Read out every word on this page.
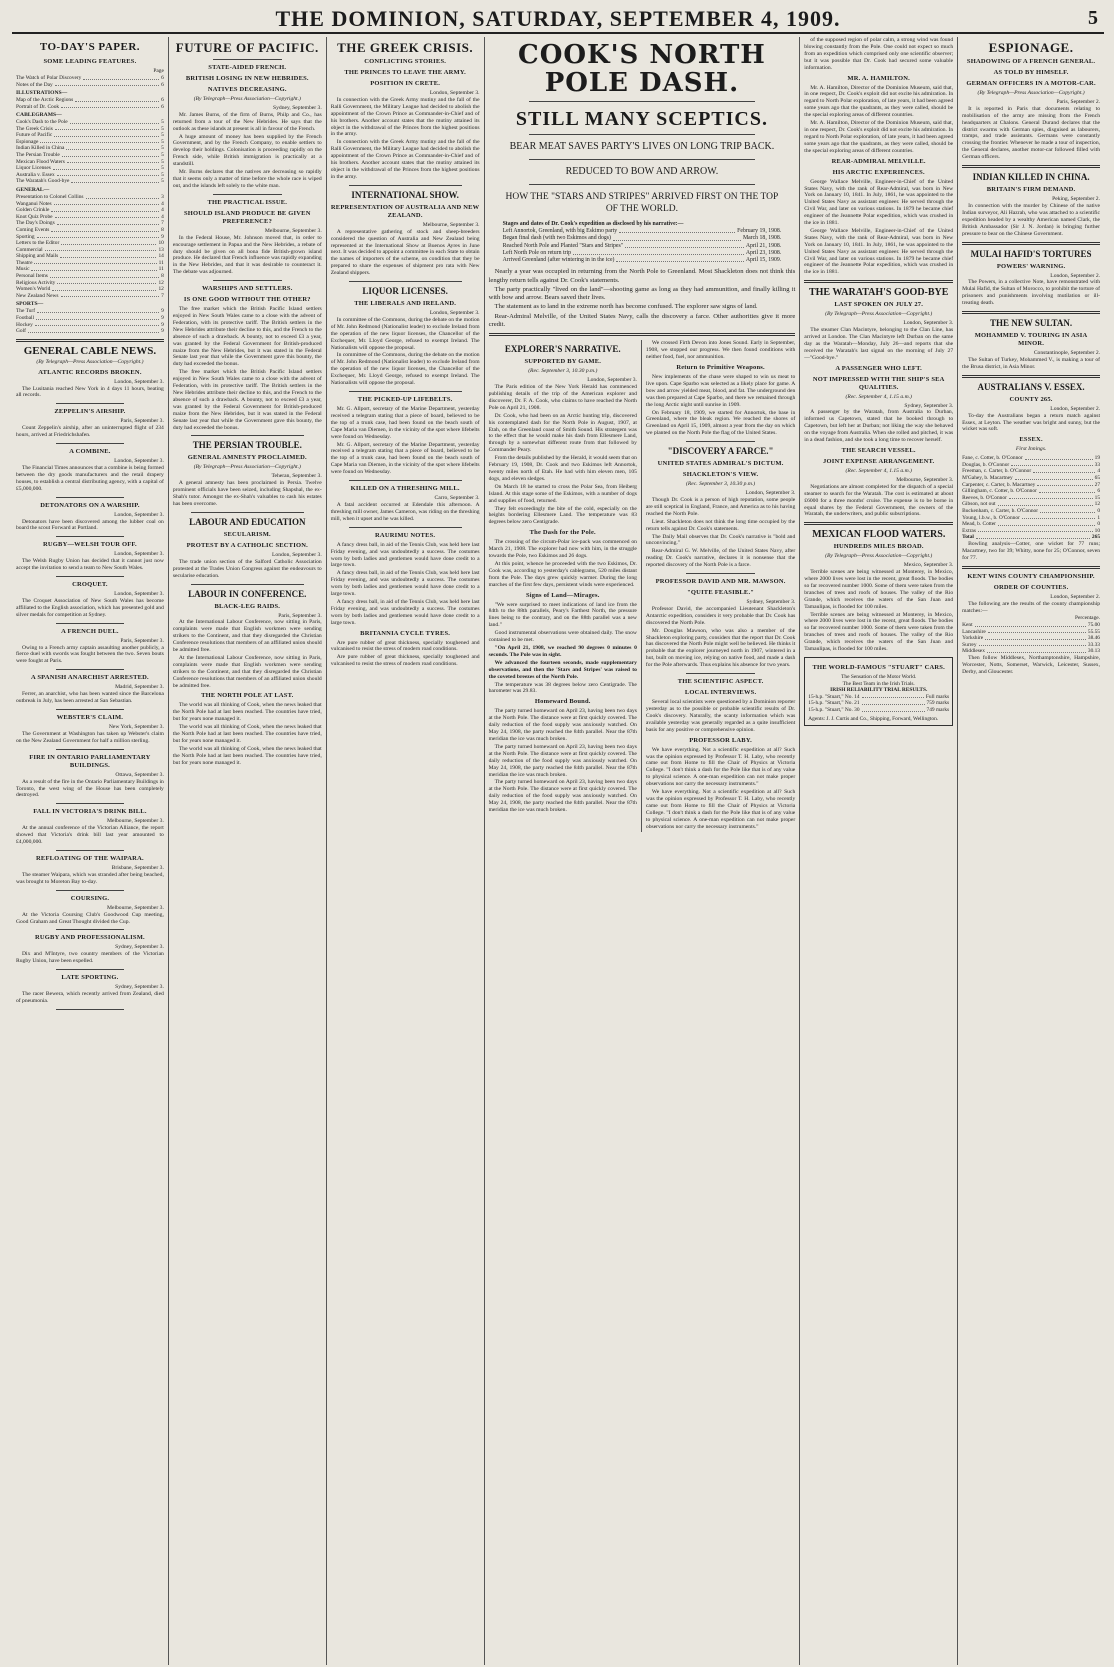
THE DOMINION, SATURDAY, SEPTEMBER 4, 1909.	5
TO-DAY'S PAPER.
SOME LEADING FEATURES.
Page
The Watch of Polar Discovery	6
Notes of the Day	6
ILLUSTRATIONS—
Map of the Arctic Regions	6
Portrait of Dr. Cook	6
CABLEGRAMS—
Cook's Dash to the Pole	5
The Greek Crisis	5
Future of Pacific	5
Espionage	5
Indian Killed in China	5
The Persian Trouble	5
Mexican Flood Waters	5
Liquor Licenses	5
Australia v. Essex	5
The Waratah's Good-bye	5
GENERAL—
Presentation to Colonel Collins	3
Wanganui Notes	4
Golden Crinkle	4
Knot Quiz Probe	4
The Day's Doings	7
Coming Events	8
Sporting	9
Letters to the Editor	10
Commercial	13
Shipping and Mails	14
Theatre	11
Music	11
Personal Items	8
Religious Activity	12
Women's World	12
New Zealand News	7
SPORTS—
The Turf	9
Football	9
Hockey	9
Golf	9
GENERAL CABLE NEWS.
(By Telegraph—Press Association—Copyright.)
ATLANTIC RECORDS BROKEN.
London, September 3.

The Lusitania reached New York in 4 days 11 hours, beating all records.

ZEPPELIN'S AIRSHIP.
Paris, September 3.

Count Zeppelin's airship, after an uninterrupted flight of 234 hours, arrived at Friedrichshafen.

A COMBINE.
London, September 3.

The Financial Times announces that a combine is being formed between the dry goods manufacturers and the retail drapery houses, to establish a central distributing agency, with a capital of £5,000,000.

DETONATORS ON A WARSHIP.
London, September 3.

Detonators have been discovered among the lubber coal on board the scout Forward at Portland.

RUGBY—WELSH TOUR OFF.
London, September 3.

The Welsh Rugby Union has decided that it cannot just now accept the invitation to send a team to New South Wales.

CROQUET.
London, September 3.

The Croquet Association of New South Wales has become affiliated to the English association, which has presented gold and silver medals for competition at Sydney.

A FRENCH DUEL.
Paris, September 3.

Owing to a French army captain assaulting another publicly, a fierce duel with swords was fought between the two. Seven bouts were fought at Paris.

A SPANISH ANARCHIST ARRESTED.
Madrid, September 3.

Ferrer, an anarchist, who has been wanted since the Barcelona outbreak in July, has been arrested at San Sebastian.

WEBSTER'S CLAIM.
New York, September 3.

The Government at Washington has taken up Webster's claim on the New Zealand Government for half a million sterling.

FIRE IN ONTARIO PARLIAMENTARY BUILDINGS.
Ottawa, September 3.

As a result of the fire in the Ontario Parliamentary Buildings in Toronto, the west wing of the House has been completely destroyed.

FALL IN VICTORIA'S DRINK BILL.
Melbourne, September 3.

At the annual conference of the Victorian Alliance, the report showed that Victoria's drink bill last year amounted to £4,000,000.

REFLOATING OF THE WAIPARA.
Brisbane, September 3.

The steamer Waipara, which was stranded after being beached, was brought to Moreton Bay to-day.

COURSING.
Melbourne, September 3.

At the Victoria Coursing Club's Goodwood Cup meeting, Good Graham and Great Thought divided the Cup.

RUGBY AND PROFESSIONALISM.
Sydney, September 3.

Dix and M'Intyre, two country members of the Victorian Rugby Union, have been expelled.

LATE SPORTING.
Sydney, September 3.

The racer Bewera, which recently arrived from Zealand, died of pneumonia.

FUTURE OF PACIFIC.
STATE-AIDED FRENCH.
BRITISH LOSING IN NEW HEBRIDES.
NATIVES DECREASING.
(By Telegraph—Press Association—Copyright.)
Sydney, September 3.

Mr. James Burns, of the firm of Burns, Philp and Co., has returned from a tour of the New Hebrides. He says that the outlook as these islands at present is all in favour of the French.

A huge amount of money has been supplied by the French Government, and by the French Company, to enable settlers to develop their holdings. Colonisation is proceeding rapidly on the French side, while British immigration is practically at a standstill.

Mr. Burns declares that the natives are decreasing so rapidly that it seems only a matter of time before the whole race is wiped out, and the islands left solely to the white man.

THE PRACTICAL ISSUE.
SHOULD ISLAND PRODUCE BE GIVEN PREFERENCE?
Melbourne, September 3.

In the Federal House, Mr. Johnson moved that, in order to encourage settlement in Papua and the New Hebrides, a rebate of duty should be given on all bona fide British-grown island produce. He declared that French influence was rapidly expanding in the New Hebrides, and that it was desirable to counteract it. The debate was adjourned.

WARSHIPS AND SETTLERS.
IS ONE GOOD WITHOUT THE OTHER?

The free market which the British Pacific Island settlers enjoyed in New South Wales came to a close with the advent of Federation, with its protective tariff. The British settlers in the New Hebrides attribute their decline to this, and the French to the absence of such a drawback. A bounty, not to exceed £3 a year, was granted by the Federal Government for British-produced maize from the New Hebrides, but it was stated in the Federal Senate last year that while the Government gave this bounty, the duty had exceeded the bonus.

The free market which the British Pacific Island settlers enjoyed in New South Wales came to a close with the advent of Federation, with its protective tariff. The British settlers in the New Hebrides attribute their decline to this, and the French to the absence of such a drawback. A bounty, not to exceed £3 a year, was granted by the Federal Government for British-produced maize from the New Hebrides, but it was stated in the Federal Senate last year that while the Government gave this bounty, the duty had exceeded the bonus.

THE PERSIAN TROUBLE.
GENERAL AMNESTY PROCLAIMED.
(By Telegraph—Press Association—Copyright.)
Teheran, September 3.

A general amnesty has been proclaimed in Persia. Twelve prominent officials have been seized, including Shapshal, the ex-Shah's tutor. Amongst the ex-Shah's valuables to cash his estates has been overcome.

LABOUR AND EDUCATION
SECULARISM.
PROTEST BY A CATHOLIC SECTION.
London, September 3.

The trade union section of the Salford Catholic Association protested at the Trades Union Congress against the endeavours to secularise education.

LABOUR IN CONFERENCE.
BLACK-LEG RAIDS.
Paris, September 3.

At the International Labour Conference, now sitting in Paris, complaints were made that English workmen were sending strikers to the Continent, and that they disregarded the Christian Conference resolutions that members of an affiliated union should be admitted free.

At the International Labour Conference, now sitting in Paris, complaints were made that English workmen were sending strikers to the Continent, and that they disregarded the Christian Conference resolutions that members of an affiliated union should be admitted free.

THE NORTH POLE AT LAST.

The world was all thinking of Cook, when the news leaked that the North Pole had at last been reached. The countries have tried, but for years none managed it.

The world was all thinking of Cook, when the news leaked that the North Pole had at last been reached. The countries have tried, but for years none managed it.

The world was all thinking of Cook, when the news leaked that the North Pole had at last been reached. The countries have tried, but for years none managed it.

THE GREEK CRISIS.
CONFLICTING STORIES.
THE PRINCES TO LEAVE THE ARMY.
POSITION IN CRETE.
London, September 3.

In connection with the Greek Army mutiny and the fall of the Ralli Government, the Military League had decided to abolish the appointment of the Crown Prince as Commander-in-Chief and of his brothers. Another account states that the mutiny attained its object in the withdrawal of the Princes from the highest positions in the army.

In connection with the Greek Army mutiny and the fall of the Ralli Government, the Military League had decided to abolish the appointment of the Crown Prince as Commander-in-Chief and of his brothers. Another account states that the mutiny attained its object in the withdrawal of the Princes from the highest positions in the army.

INTERNATIONAL SHOW.
REPRESENTATION OF AUSTRALIA AND NEW ZEALAND.
Melbourne, September 3.

A representative gathering of stock and sheep-breeders considered the question of Australia and New Zealand being represented at the International Show at Buenos Ayres in June next. It was decided to appoint a committee in each State to obtain the names of importers of the scheme, on condition that they be prepared to share the expenses of shipment pro rata with New Zealand shippers.

LIQUOR LICENSES.
THE LIBERALS AND IRELAND.
London, September 3.

In committee of the Commons, during the debate on the motion of Mr. John Redmond (Nationalist leader) to exclude Ireland from the operation of the new liquor licenses, the Chancellor of the Exchequer, Mr. Lloyd George, refused to exempt Ireland. The Nationalists will oppose the proposal.

In committee of the Commons, during the debate on the motion of Mr. John Redmond (Nationalist leader) to exclude Ireland from the operation of the new liquor licenses, the Chancellor of the Exchequer, Mr. Lloyd George, refused to exempt Ireland. The Nationalists will oppose the proposal.

THE PICKED-UP LIFEBELTS.

Mr. G. Allport, secretary of the Marine Department, yesterday received a telegram stating that a piece of board, believed to be the top of a trunk case, had been found on the beach south of Cape Maria van Diemen, in the vicinity of the spot where lifebelts were found on Wednesday.

Mr. G. Allport, secretary of the Marine Department, yesterday received a telegram stating that a piece of board, believed to be the top of a trunk case, had been found on the beach south of Cape Maria van Diemen, in the vicinity of the spot where lifebelts were found on Wednesday.

KILLED ON A THRESHING MILL.
Carro, September 3.

A fatal accident occurred at Edendale this afternoon. A threshing mill owner, James Cameron, was riding on the threshing mill, when it upset and he was killed.

RAURIMU NOTES.

A fancy dress ball, in aid of the Tennis Club, was held here last Friday evening, and was undoubtedly a success. The costumes worn by both ladies and gentlemen would have done credit to a large town.

A fancy dress ball, in aid of the Tennis Club, was held here last Friday evening, and was undoubtedly a success. The costumes worn by both ladies and gentlemen would have done credit to a large town.

A fancy dress ball, in aid of the Tennis Club, was held here last Friday evening, and was undoubtedly a success. The costumes worn by both ladies and gentlemen would have done credit to a large town.

BRITANNIA CYCLE TYRES.

Are pure rubber of great thickness, specially toughened and vulcanised to resist the stress of modern road conditions.

Are pure rubber of great thickness, specially toughened and vulcanised to resist the stress of modern road conditions.

COOK'S NORTH POLE DASH.
STILL MANY SCEPTICS.
BEAR MEAT SAVES PARTY'S LIVES ON LONG TRIP BACK.
REDUCED TO BOW AND ARROW.
HOW THE "STARS AND STRIPES" ARRIVED FIRST ON THE TOP OF THE WORLD.
Stages and dates of Dr. Cook's expedition as disclosed by his narrative:—
Left Annortok, Greenland, with big Eskimo party	February 19, 1908.
Began final dash (with two Eskimos and dogs)	March 18, 1908.
Reached North Pole and Planted "Stars and Stripes"	April 21, 1908.
Left North Pole on return trip	April 23, 1908.
Arrived Greenland (after wintering in in the ice)	April 15, 1909.

Nearly a year was occupied in returning from the North Pole to Greenland. Most Shackleton does not think this lengthy return tells against Dr. Cook's statements.

The party practically "lived on the land"—shooting game as long as they had ammunition, and finally killing it with bow and arrow. Bears saved their lives.

The statement as to land in the extreme north has become confused. The explorer saw signs of land.

Rear-Admiral Melville, of the United States Navy, calls the discovery a farce. Other authorities give it more credit.

EXPLORER'S NARRATIVE.
SUPPORTED BY GAME.
(Rec. September 3, 10.30 p.m.)
London, September 3.

The Paris edition of the New York Herald has commenced publishing details of the trip of the American explorer and discoverer, Dr. F. A. Cook, who claims to have reached the North Pole on April 21, 1908.

Dr. Cook, who had been on an Arctic hunting trip, discovered his contemplated dash for the North Pole in August, 1907, at Etah, on the Greenland coast of Smith Sound. His strategem was to the effect that he would make his dash from Ellesmere Land, through by a somewhat different route from that followed by Commander Peary.

From the details published by the Herald, it would seem that on February 19, 1908, Dr. Cook and two Eskimos left Annortok, twenty miles north of Etah. He had with him eleven men, 105 dogs, and eleven sledges.

On March 18 he started to cross the Polar Sea, from Heiberg Island. At this stage some of the Eskimos, with a number of dogs and supplies of food, returned.

They felt exceedingly the bite of the cold, especially on the heights bordering Ellesmere Land. The temperature was 83 degrees below zero Centigrade.

The Dash for the Pole.

The crossing of the circum-Polar ice-pack was commenced on March 21, 1908. The explorer had now with him, in the struggle towards the Pole, two Eskimos and 26 dogs.

At this point, whence he proceeded with the two Eskimos, Dr. Cook was, according to yesterday's cablegrams, 520 miles distant from the Pole. The days grew quickly warmer. During the long marches of the first few days, persistent winds were experienced.

Signs of Land—Mirages.

"We were surprised to meet indications of land ice from the 84th to the 88th parallels, Peary's Farthest North, the pressure lines being to the contrary, and on the 88th parallel was a new land."

Good instrumental observations were obtained daily. The snow contained to be met.

"On April 21, 1908, we reached 90 degrees 0 minutes 0 seconds. The Pole was in sight.

We advanced the fourteen seconds, made supplementary observations, and then the 'Stars and Stripes' was raised to the coveted breezes of the North Pole.

The temperature was 38 degrees below zero Centigrade. The barometer was 29.83.

Homeward Bound.

The party turned homeward on April 23, having been two days at the North Pole. The distance were at first quickly covered. The daily reduction of the food supply was anxiously watched. On May 24, 1908, the party reached the 84th parallel. Near the 87th meridian the ice was much broken.

The party turned homeward on April 23, having been two days at the North Pole. The distance were at first quickly covered. The daily reduction of the food supply was anxiously watched. On May 24, 1908, the party reached the 84th parallel. Near the 87th meridian the ice was much broken.

The party turned homeward on April 23, having been two days at the North Pole. The distance were at first quickly covered. The daily reduction of the food supply was anxiously watched. On May 24, 1908, the party reached the 84th parallel. Near the 87th meridian the ice was much broken.

We crossed Firth Devon into Jones Sound. Early in September, 1908, we stopped our progress. We then found conditions with neither food, fuel, nor ammunition.

Return to Primitive Weapons.

New implements of the chase were shaped to win us meat to live upon. Cape Sparbo was selected as a likely place for game. A bow and arrow yielded meat, blood, and fat. The underground den was then prepared at Cape Sparbo, and there we remained through the long Arctic night until sunrise in 1909.

On February 18, 1909, we started for Annortok, the base in Greenland, where the bleak region. We reached the shores of Greenland on April 15, 1909, almost a year from the day on which we planted on the North Pole the flag of the United States.

"DISCOVERY A FARCE."
UNITED STATES ADMIRAL'S DICTUM.
SHACKLETON'S VIEW.
(Rec. September 3, 10.30 p.m.)
London, September 3.

Though Dr. Cook is a person of high reputation, some people are still sceptical in England, France, and America as to his having reached the North Pole.

Lieut. Shackleton does not think the long time occupied by the return tells against Dr. Cook's statements.

The Daily Mail observes that Dr. Cook's narrative is "bold and unconvincing."

Rear-Admiral G. W. Melville, of the United States Navy, after reading Dr. Cook's narrative, declares it is nonsense that the reported discovery of the North Pole is a farce.

PROFESSOR DAVID AND MR. MAWSON.
"QUITE FEASIBLE."
Sydney, September 3.

Professor David, the accompanied Lieutenant Shackleton's Antarctic expedition, considers it very probable that Dr. Cook has discovered the North Pole.

Mr. Douglas Mawson, who was also a member of the Shackleton exploring party, considers that the report that Dr. Cook has discovered the North Pole might well be believed. He thinks it probable that the explorer journeyed north in 1907, wintered in a hut, built on moving ice, relying on native food, and made a dash for the Pole afterwards. Thus explains his absence for two years.

THE SCIENTIFIC ASPECT.
LOCAL INTERVIEWS.

Several local scientists were questioned by a Dominion reporter yesterday as to the possible or probable scientific results of Dr. Cook's discovery. Naturally, the scanty information which was available yesterday was generally regarded as a quite insufficient basis for any positive or comprehensive opinion.

PROFESSOR LABY.

We have everything. Not a scientific expedition at all? Such was the opinion expressed by Professor T. H. Laby, who recently came out from Home to fill the Chair of Physics at Victoria College. "I don't think a dash for the Pole like that is of any value to physical science. A one-man expedition can not make proper observations nor carry the necessary instruments."

We have everything. Not a scientific expedition at all? Such was the opinion expressed by Professor T. H. Laby, who recently came out from Home to fill the Chair of Physics at Victoria College. "I don't think a dash for the Pole like that is of any value to physical science. A one-man expedition can not make proper observations nor carry the necessary instruments."

of the supposed region of polar calm, a strong wind was found blowing constantly from the Pole. One could not expect so much from an expedition which comprised only one scientific observer; but it was possible that Dr. Cook had secured some valuable information.

MR. A. HAMILTON.

Mr. A. Hamilton, Director of the Dominion Museum, said that, in one respect, Dr. Cook's exploit did not excite his admiration. In regard to North Polar exploration, of late years, it had been agreed some years ago that the quadrants, as they were called, should be the special exploring areas of different countries.

Mr. A. Hamilton, Director of the Dominion Museum, said that, in one respect, Dr. Cook's exploit did not excite his admiration. In regard to North Polar exploration, of late years, it had been agreed some years ago that the quadrants, as they were called, should be the special exploring areas of different countries.

REAR-ADMIRAL MELVILLE.
HIS ARCTIC EXPERIENCES.

George Wallace Melville, Engineer-in-Chief of the United States Navy, with the rank of Rear-Admiral, was born in New York on January 10, 1841. In July, 1861, he was appointed to the United States Navy as assistant engineer. He served through the Civil War, and later on various stations. In 1879 he became chief engineer of the Jeannette Polar expedition, which was crushed in the ice in 1881.

George Wallace Melville, Engineer-in-Chief of the United States Navy, with the rank of Rear-Admiral, was born in New York on January 10, 1841. In July, 1861, he was appointed to the United States Navy as assistant engineer. He served through the Civil War, and later on various stations. In 1879 he became chief engineer of the Jeannette Polar expedition, which was crushed in the ice in 1881.

THE WARATAH'S GOOD-BYE
LAST SPOKEN ON JULY 27.
(By Telegraph—Press Association—Copyright.)
London, September 3.

The steamer Clan Macintyre, belonging to the Clan Line, has arrived at London. The Clan Macintyre left Durban on the same day as the Waratah—Monday, July 26—and reports that she received the Waratah's last signal on the morning of July 27—"Good-bye."

A PASSENGER WHO LEFT.
NOT IMPRESSED WITH THE SHIP'S SEA QUALITIES.
(Rec. September 4, 1.15 a.m.)
Sydney, September 3.

A passenger by the Waratah, from Australia to Durban, informed us Capetown, stated that he booked through to Capetown, but left her at Durban; not liking the way she behaved on the voyage from Australia. When she rolled and pitched, it was in a dead fashion, and she took a long time to recover herself.

THE SEARCH VESSEL.
JOINT EXPENSE ARRANGEMENT.
(Rec. September 4, 1.15 a.m.)
Melbourne, September 3.

Negotiations are almost completed for the dispatch of a special steamer to search for the Waratah. The cost is estimated at about £6000 for a three months' cruise. The expense is to be borne in equal shares by the Federal Government, the owners of the Waratah, the underwriters, and public subscriptions.

MEXICAN FLOOD WATERS.
HUNDREDS MILES BROAD.
(By Telegraph—Press Association—Copyright.)
Mexico, September 3.

Terrible scenes are being witnessed at Monterey, in Mexico, where 2000 lives were lost in the recent, great floods. The bodies so far recovered number 1000. Some of them were taken from the branches of trees and roofs of houses. The valley of the Rio Grande, which receives the waters of the San Juan and Tamaulipas, is flooded for 100 miles.

Terrible scenes are being witnessed at Monterey, in Mexico, where 2000 lives were lost in the recent, great floods. The bodies so far recovered number 1000. Some of them were taken from the branches of trees and roofs of houses. The valley of the Rio Grande, which receives the waters of the San Juan and Tamaulipas, is flooded for 100 miles.

THE WORLD-FAMOUS "STUART" CARS.
The Sensation of the Motor World.
The Best Team in the Irish Trials.
IRISH RELIABILITY TRIAL RESULTS.
15-h.p. "Stuart," No. 14	Full marks
15-h.p. "Stuart," No. 21	759 marks
15-h.p. "Stuart," No. 30	749 marks
Agents: J. J. Curtis and Co., Shipping, Forward, Wellington.
ESPIONAGE.
SHADOWING OF A FRENCH GENERAL.
AS TOLD BY HIMSELF.
GERMAN OFFICERS IN A MOTOR-CAR.
(By Telegraph—Press Association—Copyright.)
Paris, September 2.

It is reported in Paris that documents relating to mobilisation of the army are missing from the French headquarters at Chalons. General Durand declares that the district swarms with German spies, disguised as labourers, tramps, and trade assistants. Germans were constantly crossing the frontier. Whenever he made a tour of inspection, the General declares, another motor-car followed filled with German officers.

INDIAN KILLED IN CHINA.
BRITAIN'S FIRM DEMAND.
Peking, September 2.

In connection with the murder by Chinese of the native Indian surveyor, Ali Hazrah, who was attached to a scientific expedition headed by a wealthy American named Clark, the British Ambassador (Sir J. N. Jordan) is bringing further pressure to bear on the Chinese Government.

MULAI HAFID'S TORTURES
POWERS' WARNING.
London, September 2.

The Powers, in a collective Note, have remonstrated with Mulai Hafid, the Sultan of Morocco, to prohibit the torture of prisoners and punishments involving mutilation or ill-treating death.

THE NEW SULTAN.
MOHAMMED V. TOURING IN ASIA MINOR.
Constantinople, September 2.

The Sultan of Turkey, Mohammed V., is making a tour of the Brusa district, in Asia Minor.

AUSTRALIANS V. ESSEX.
COUNTY 265.
London, September 2.

To-day the Australians began a return match against Essex, at Leyton. The weather was bright and sunny, but the wicket was soft.

ESSEX.
First Innings.
Fane, c. Cotter, b. O'Connor	19
Douglas, b. O'Connor	33
Freeman, c. Carter, b. O'Connor	4
M'Gahey, b. Macartney	65
Carpenter, c. Carter, b. Macartney	27
Gillingham, c. Cotter, b. O'Connor	6
Reeves, b. O'Connor	15
Gibson, not out	12
Buckenham, c. Carter, b. O'Connor	0
Young, l.b.w., b. O'Connor	1
Mead, b. Cotter	0
Extras	10
Total	265

Bowling analysis—Cotter, one wicket for 77 runs; Macartney, two for 39; Whitty, none for 25; O'Connor, seven for 77.

KENT WINS COUNTY CHAMPIONSHIP.
ORDER OF COUNTIES.
London, September 2.

The following are the results of the county championship matches:—

Percentage.
Kent	75.00
Lancashire	55.55
Yorkshire	38.46
Surrey	33.33
Middlesex	30.13

Then follow Middlesex, Northamptonshire, Hampshire, Worcester, Notts, Somerset, Warwick, Leicester, Sussex, Derby, and Gloucester.
